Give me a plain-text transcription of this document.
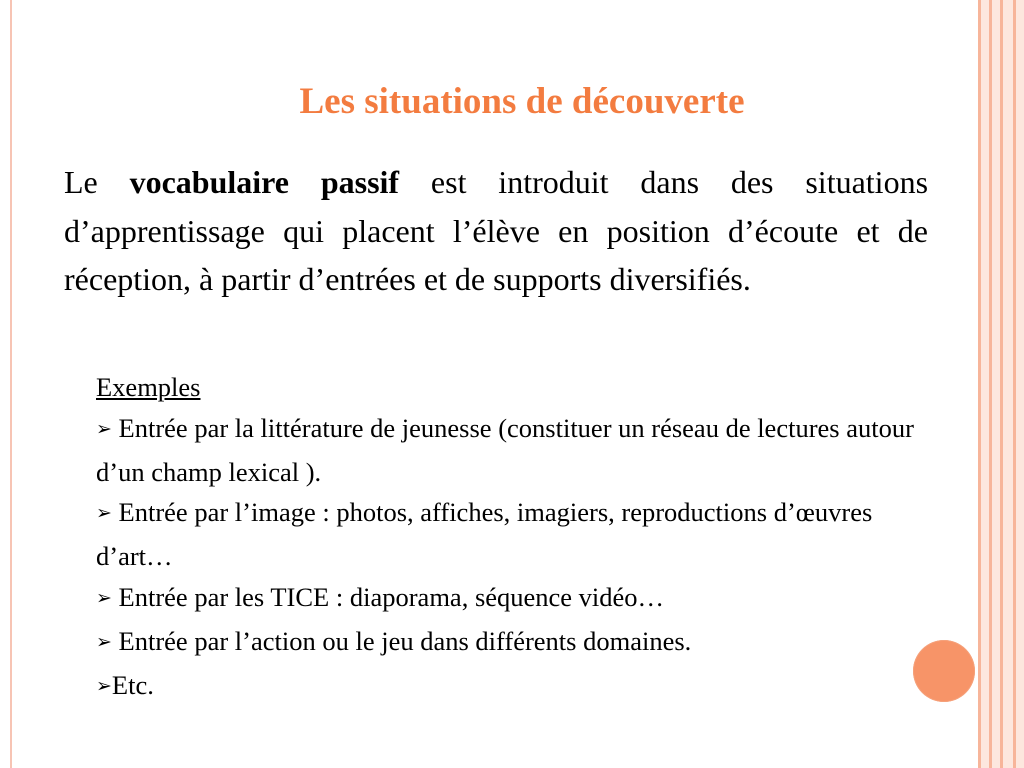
Les situations de découverte
Le vocabulaire passif est introduit dans des situations d’apprentissage qui placent l’élève en position d’écoute et de réception, à partir d’entrées et de supports diversifiés.
Exemples
➢ Entrée par la littérature de jeunesse (constituer un réseau de lectures autour d’un champ lexical ).
➢ Entrée par l’image : photos, affiches, imagiers, reproductions d’œuvres d’art…
➢ Entrée par les TICE : diaporama, séquence vidéo…
➢ Entrée par l’action ou le jeu dans différents domaines.
➢Etc.
